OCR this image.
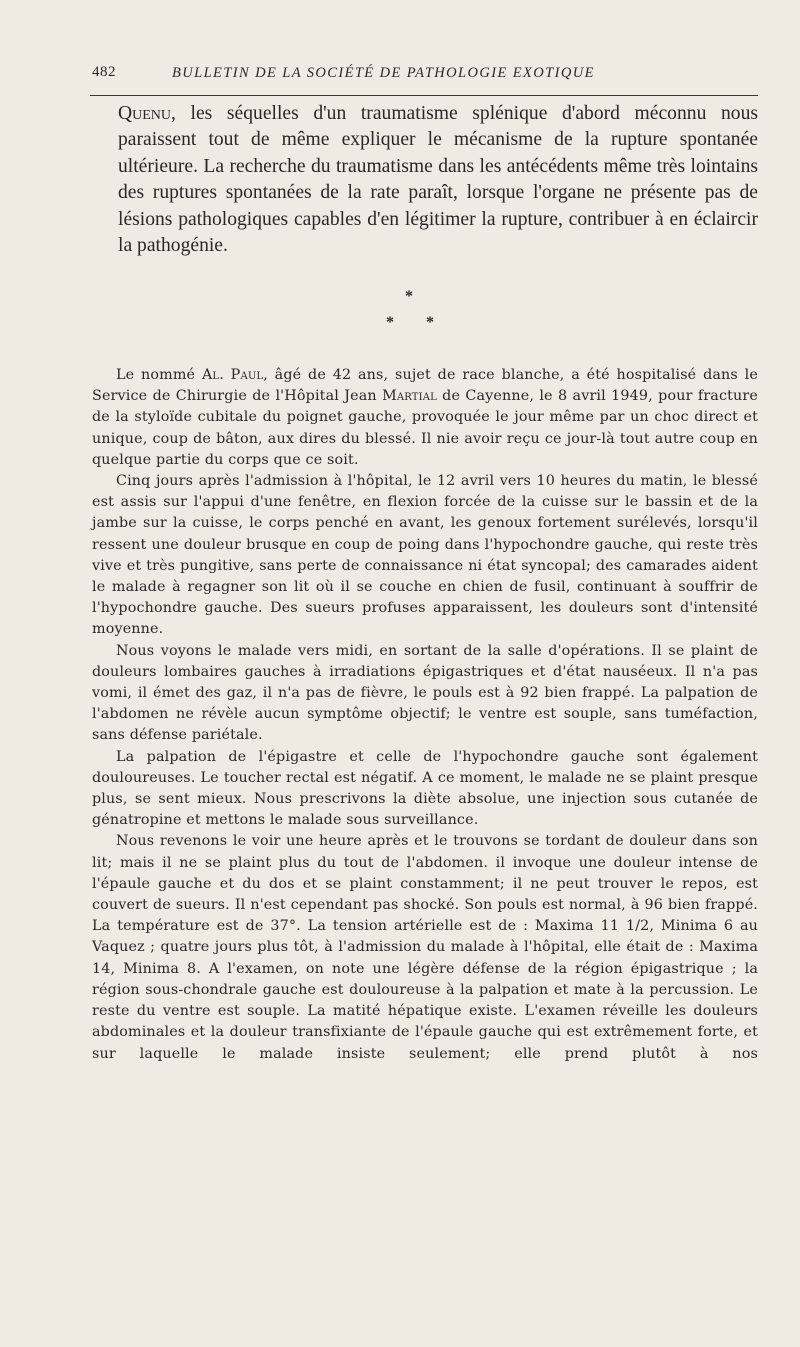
482	BULLETIN DE LA SOCIÉTÉ DE PATHOLOGIE EXOTIQUE

Quenu, les séquelles d'un traumatisme splénique d'abord méconnu nous paraissent tout de même expliquer le mécanisme de la rupture spontanée ultérieure. La recherche du traumatisme dans les antécédents même très lointains des ruptures spontanées de la rate paraît, lorsque l'organe ne présente pas de lésions pathologiques capables d'en légitimer la rupture, contribuer à en éclaircir la pathogénie.

*
* *

Le nommé Al. Paul, âgé de 42 ans, sujet de race blanche, a été hospitalisé dans le Service de Chirurgie de l'Hôpital Jean Martial de Cayenne, le 8 avril 1949, pour fracture de la styloïde cubitale du poignet gauche, provoquée le jour même par un choc direct et unique, coup de bâton, aux dires du blessé. Il nie avoir reçu ce jour-là tout autre coup en quelque partie du corps que ce soit.

Cinq jours après l'admission à l'hôpital, le 12 avril vers 10 heures du matin, le blessé est assis sur l'appui d'une fenêtre, en flexion forcée de la cuisse sur le bassin et de la jambe sur la cuisse, le corps penché en avant, les genoux fortement surélevés, lorsqu'il ressent une douleur brusque en coup de poing dans l'hypochondre gauche, qui reste très vive et très pungitive, sans perte de connaissance ni état syncopal; des camarades aident le malade à regagner son lit où il se couche en chien de fusil, continuant à souffrir de l'hypochondre gauche. Des sueurs profuses apparaissent, les douleurs sont d'intensité moyenne.

Nous voyons le malade vers midi, en sortant de la salle d'opérations. Il se plaint de douleurs lombaires gauches à irradiations épigastriques et d'état nauséeux. Il n'a pas vomi, il émet des gaz, il n'a pas de fièvre, le pouls est à 92 bien frappé. La palpation de l'abdomen ne révèle aucun symptôme objectif; le ventre est souple, sans tuméfaction, sans défense pariétale.

La palpation de l'épigastre et celle de l'hypochondre gauche sont également douloureuses. Le toucher rectal est négatif. A ce moment, le malade ne se plaint presque plus, se sent mieux. Nous prescrivons la diète absolue, une injection sous cutanée de génatropine et mettons le malade sous surveillance.

Nous revenons le voir une heure après et le trouvons se tordant de douleur dans son lit; mais il ne se plaint plus du tout de l'abdomen. il invoque une douleur intense de l'épaule gauche et du dos et se plaint constamment; il ne peut trouver le repos, est couvert de sueurs. Il n'est cependant pas shocké. Son pouls est normal, à 96 bien frappé. La température est de 37°. La tension artérielle est de : Maxima 11 1/2, Minima 6 au Vaquez ; quatre jours plus tôt, à l'admission du malade à l'hôpital, elle était de : Maxima 14, Minima 8. A l'examen, on note une légère défense de la région épigastrique ; la région sous-chondrale gauche est douloureuse à la palpation et mate à la percussion. Le reste du ventre est souple. La matité hépatique existe. L'examen réveille les douleurs abdominales et la douleur transfixiante de l'épaule gauche qui est extrêmement forte, et sur laquelle le malade insiste seulement; elle prend plutôt à nos
